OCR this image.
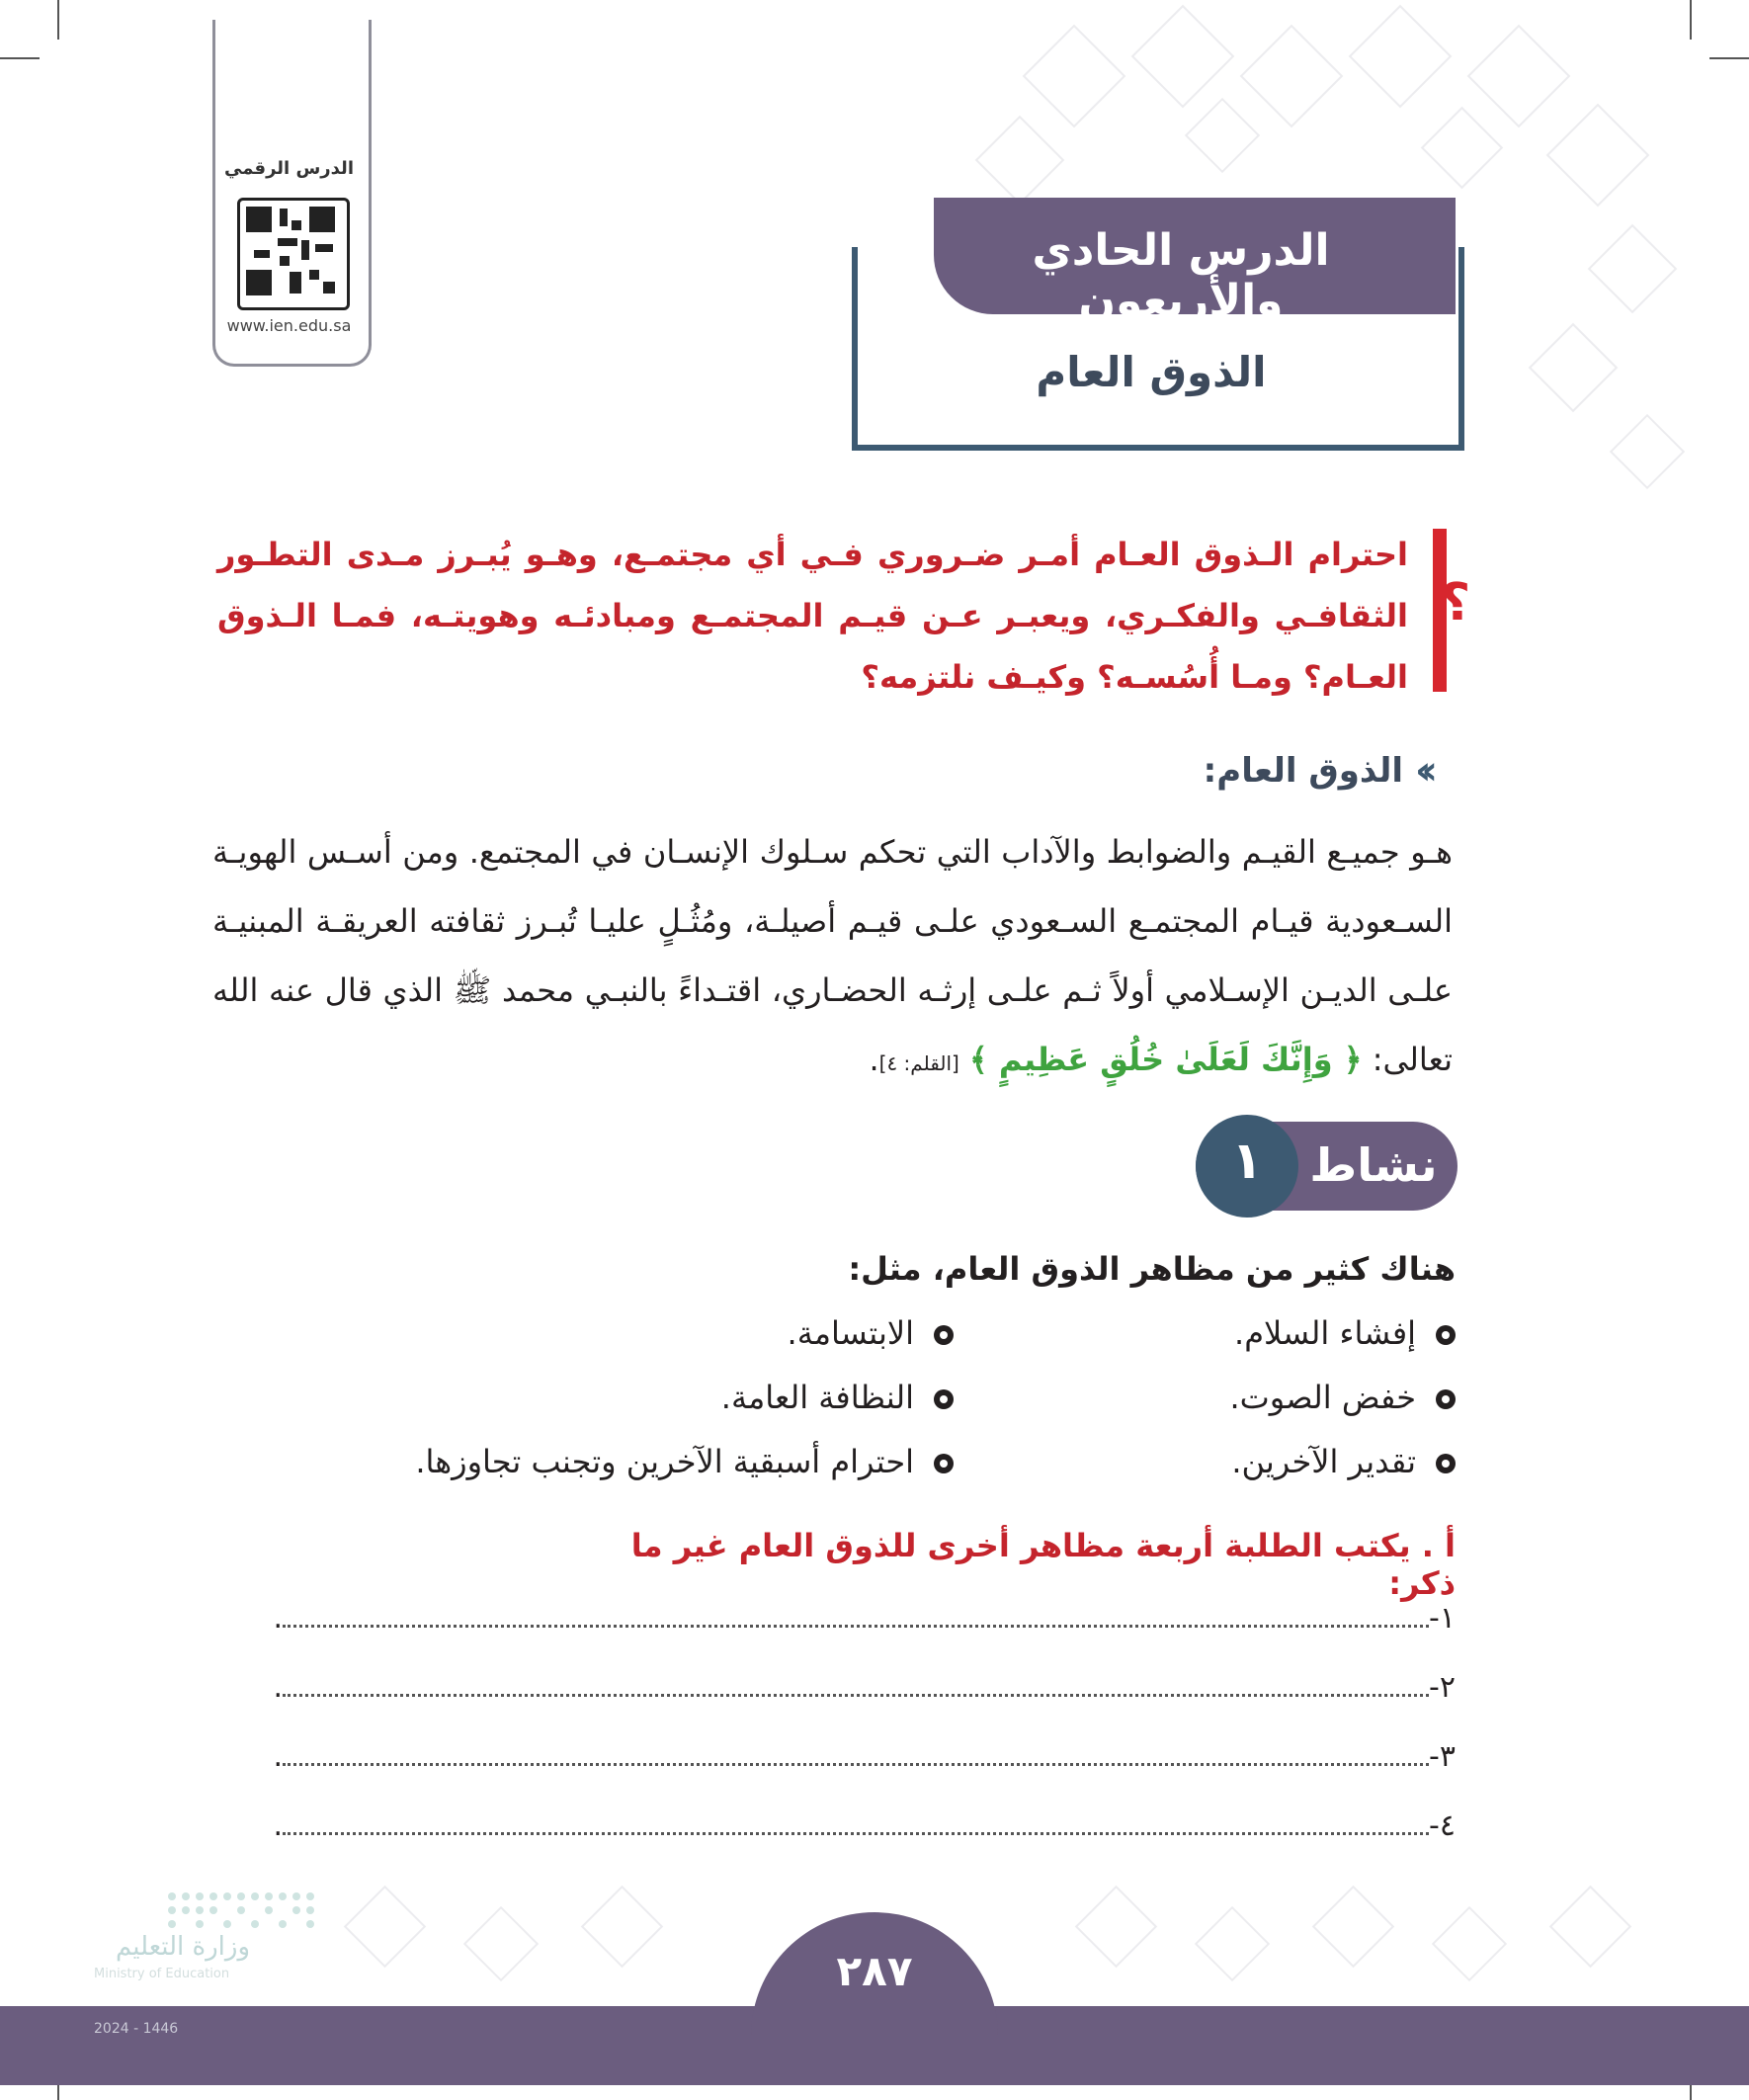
الدرس الرقمي
www.ien.edu.sa
الدرس الحادي والأربعون
الذوق العام
؟
احترام الـذوق العـام أمـر ضـروري فـي أي مجتمـع، وهـو يُبـرز مـدى التطـور الثقافـي والفكـري، ويعبـر عـن قيـم المجتمـع ومبادئـه وهويتـه، فمـا الـذوق العـام؟ ومـا أُسُسـه؟ وكيـف نلتزمه؟
‹‹
الذوق العام:
هـو جميـع القيـم والضوابط والآداب التي تحكم سـلوك الإنسـان في المجتمع. ومن أسـس الهويـة السـعودية قيـام المجتمـع السـعودي علـى قيـم أصيلـة، ومُثُـلٍ عليـا تُبـرز ثقافته العريقـة المبنيـة علـى الديـن الإسـلامي أولاً ثـم علـى إرثـه الحضـاري، اقتـداءً بالنبـي محمد ﷺ الذي قال عنه الله تعالى: ﴿ وَإِنَّكَ لَعَلَىٰ خُلُقٍ عَظِيمٍ ﴾ [القلم: ٤].
نشاط
١
هناك كثير من مظاهر الذوق العام، مثل:
إفشاء السلام.
خفض الصوت.
تقدير الآخرين.
الابتسامة.
النظافة العامة.
احترام أسبقية الآخرين وتجنب تجاوزها.
أ . يكتب الطلبة أربعة مظاهر أخرى للذوق العام غير ما ذكر:
١-.
٢-.
٣-.
٤-.
٢٨٧
وزارة التعليم
Ministry of Education
2024 - 1446
